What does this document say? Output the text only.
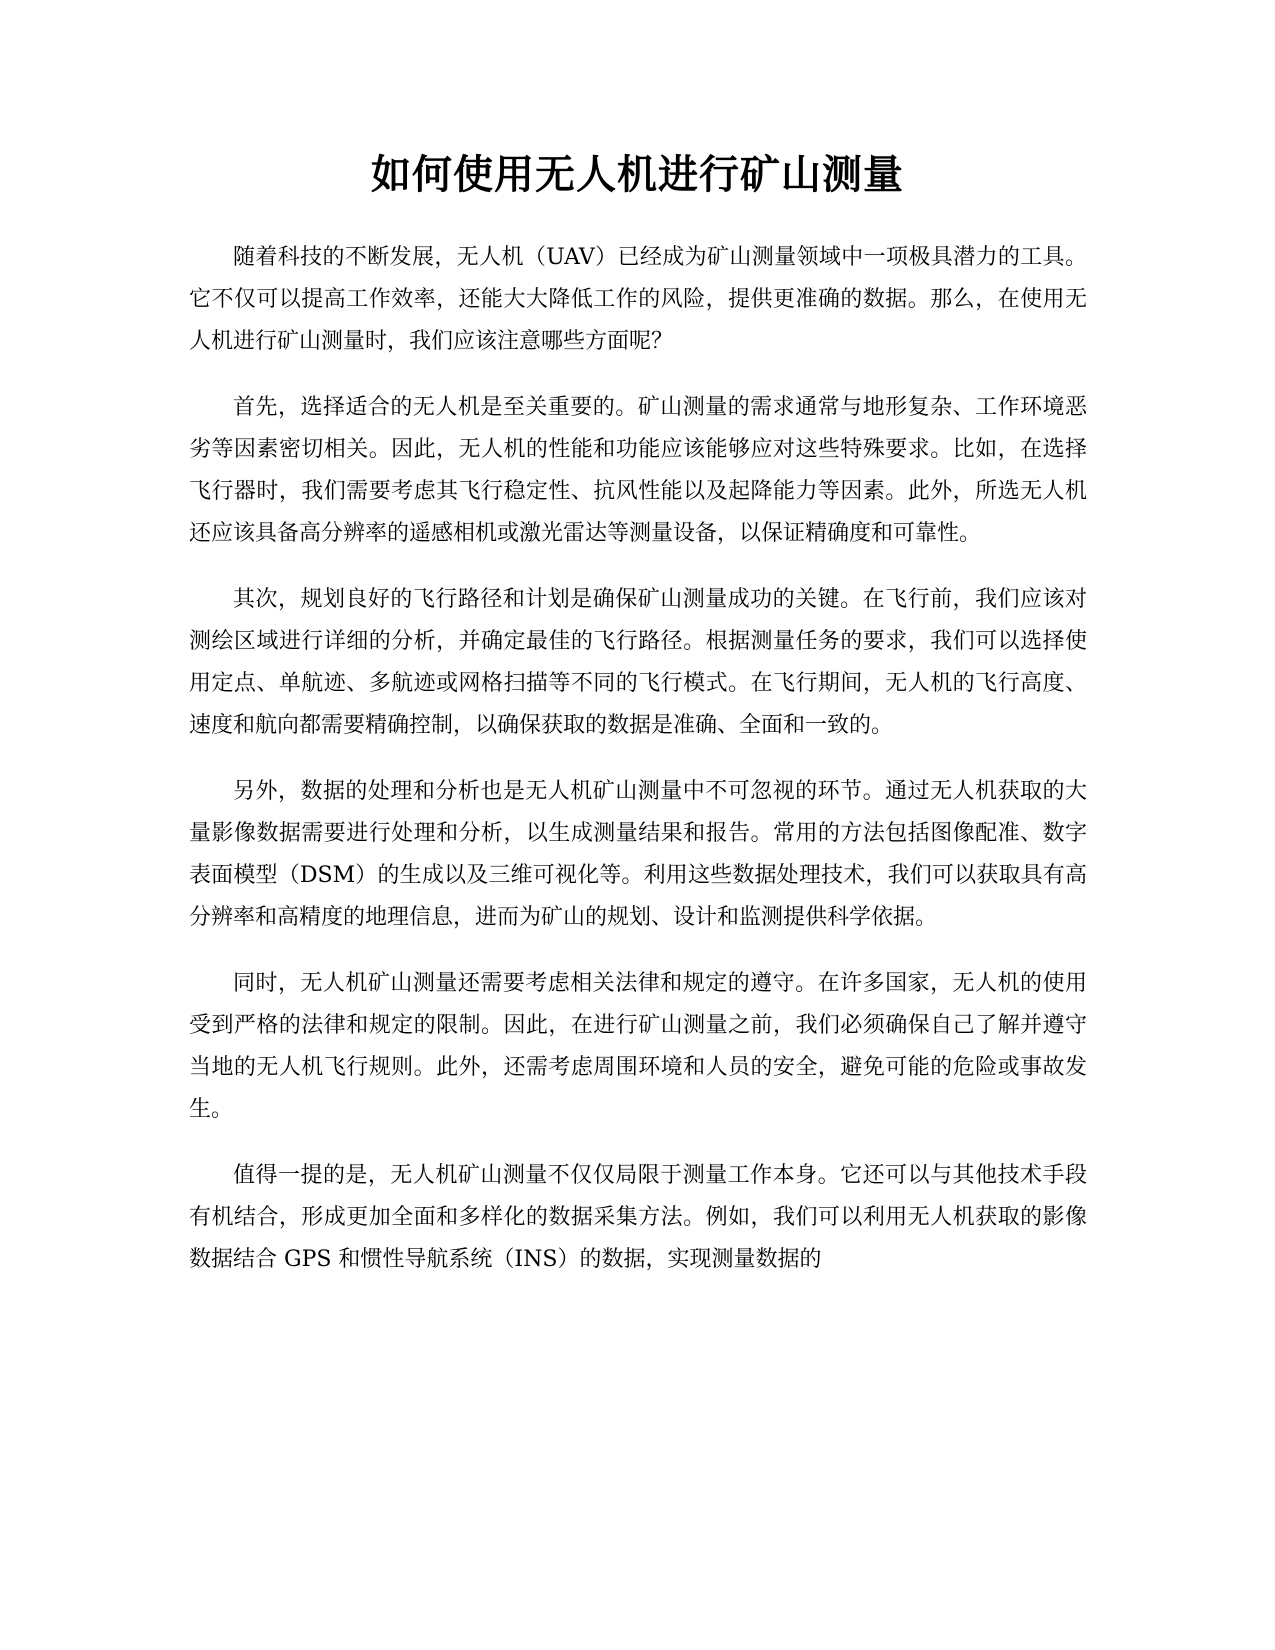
如何使用无人机进行矿山测量

随着科技的不断发展，无人机（UAV）已经成为矿山测量领域中一项极具潜力的工具。它不仅可以提高工作效率，还能大大降低工作的风险，提供更准确的数据。那么，在使用无人机进行矿山测量时，我们应该注意哪些方面呢？

首先，选择适合的无人机是至关重要的。矿山测量的需求通常与地形复杂、工作环境恶劣等因素密切相关。因此，无人机的性能和功能应该能够应对这些特殊要求。比如，在选择飞行器时，我们需要考虑其飞行稳定性、抗风性能以及起降能力等因素。此外，所选无人机还应该具备高分辨率的遥感相机或激光雷达等测量设备，以保证精确度和可靠性。

其次，规划良好的飞行路径和计划是确保矿山测量成功的关键。在飞行前，我们应该对测绘区域进行详细的分析，并确定最佳的飞行路径。根据测量任务的要求，我们可以选择使用定点、单航迹、多航迹或网格扫描等不同的飞行模式。在飞行期间，无人机的飞行高度、速度和航向都需要精确控制，以确保获取的数据是准确、全面和一致的。

另外，数据的处理和分析也是无人机矿山测量中不可忽视的环节。通过无人机获取的大量影像数据需要进行处理和分析，以生成测量结果和报告。常用的方法包括图像配准、数字表面模型（DSM）的生成以及三维可视化等。利用这些数据处理技术，我们可以获取具有高分辨率和高精度的地理信息，进而为矿山的规划、设计和监测提供科学依据。

同时，无人机矿山测量还需要考虑相关法律和规定的遵守。在许多国家，无人机的使用受到严格的法律和规定的限制。因此，在进行矿山测量之前，我们必须确保自己了解并遵守当地的无人机飞行规则。此外，还需考虑周围环境和人员的安全，避免可能的危险或事故发生。

值得一提的是，无人机矿山测量不仅仅局限于测量工作本身。它还可以与其他技术手段有机结合，形成更加全面和多样化的数据采集方法。例如，我们可以利用无人机获取的影像数据结合 GPS 和惯性导航系统（INS）的数据，实现测量数据的
